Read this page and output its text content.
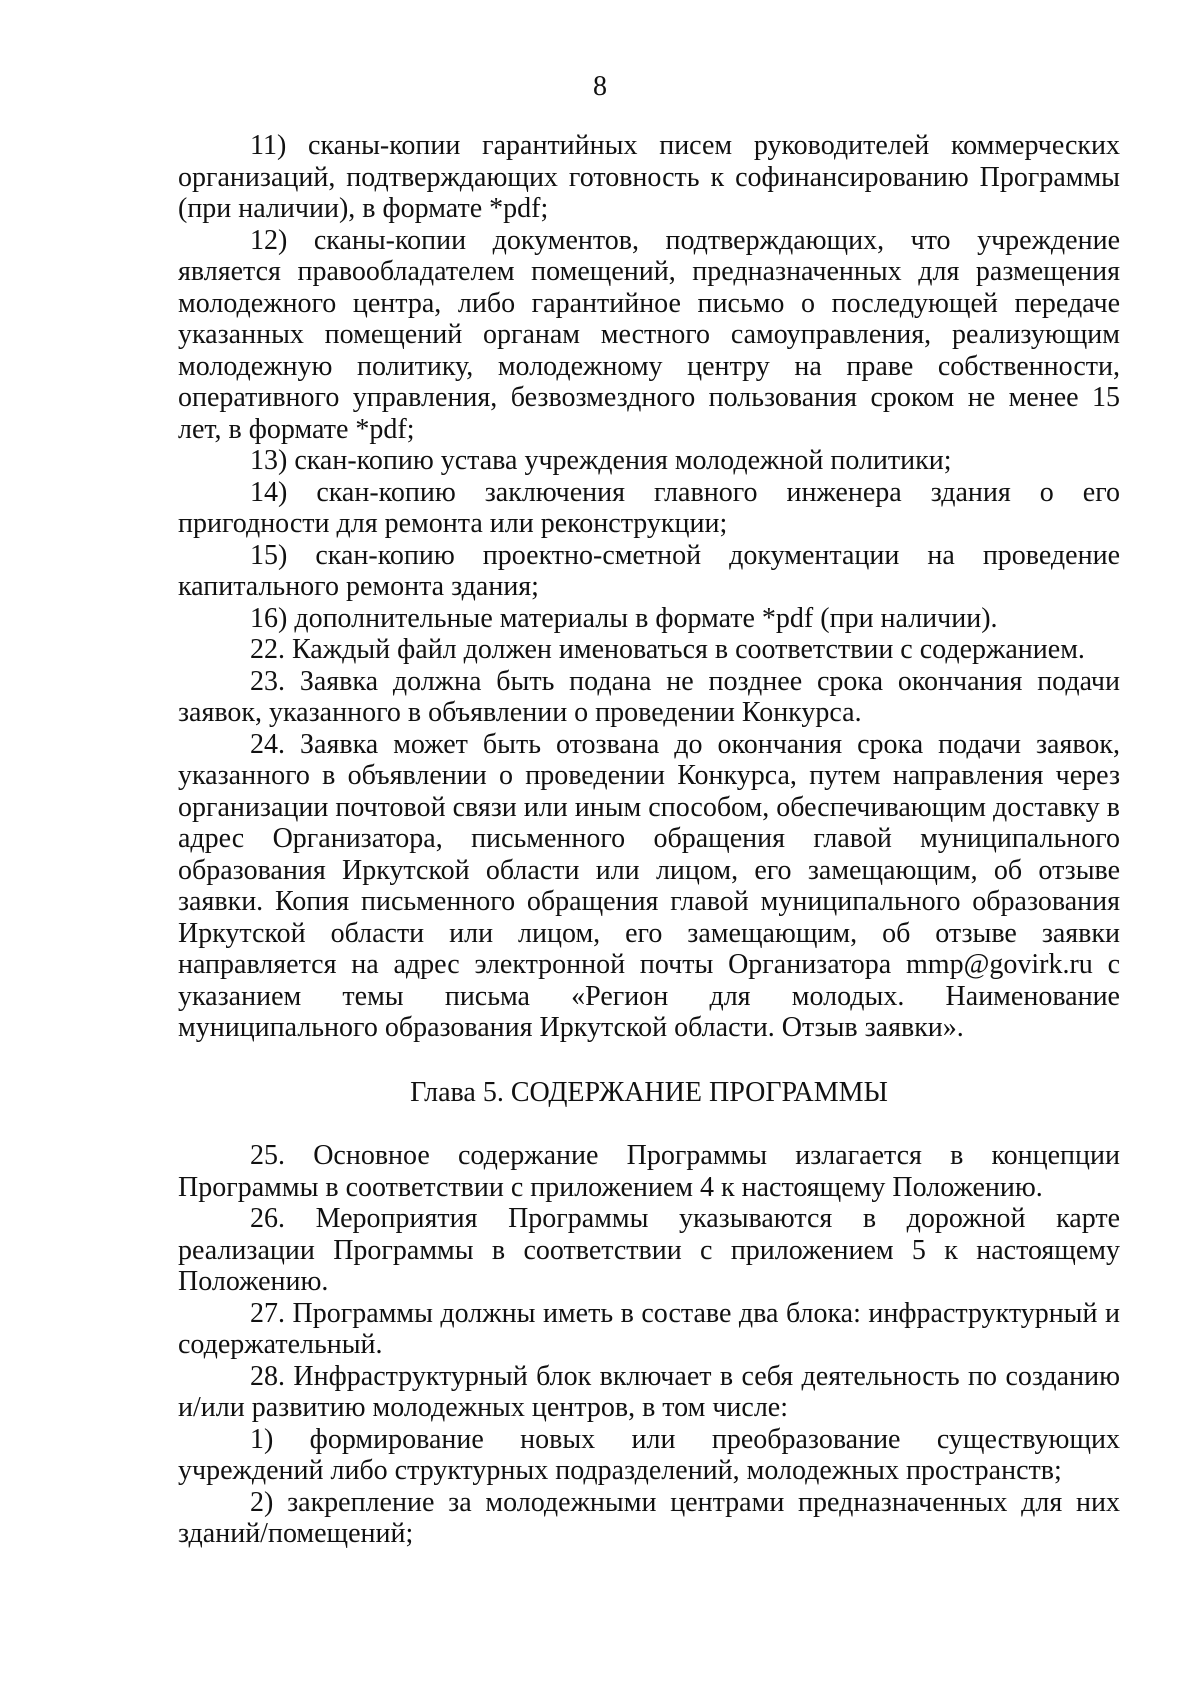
8

11) сканы-копии гарантийных писем руководителей коммерческих организаций, подтверждающих готовность к софинансированию Программы (при наличии), в формате *pdf;

12) сканы-копии документов, подтверждающих, что учреждение является правообладателем помещений, предназначенных для размещения молодежного центра, либо гарантийное письмо о последующей передаче указанных помещений органам местного самоуправления, реализующим молодежную политику, молодежному центру на праве собственности, оперативного управления, безвозмездного пользования сроком не менее 15 лет, в формате *pdf;

13) скан-копию устава учреждения молодежной политики;

14) скан-копию заключения главного инженера здания о его пригодности для ремонта или реконструкции;

15) скан-копию проектно-сметной документации на проведение капитального ремонта здания;

16) дополнительные материалы в формате *pdf (при наличии).

22. Каждый файл должен именоваться в соответствии с содержанием.

23. Заявка должна быть подана не позднее срока окончания подачи заявок, указанного в объявлении о проведении Конкурса.

24. Заявка может быть отозвана до окончания срока подачи заявок, указанного в объявлении о проведении Конкурса, путем направления через организации почтовой связи или иным способом, обеспечивающим доставку в адрес Организатора, письменного обращения главой муниципального образования Иркутской области или лицом, его замещающим, об отзыве заявки. Копия письменного обращения главой муниципального образования Иркутской области или лицом, его замещающим, об отзыве заявки направляется на адрес электронной почты Организатора mmp@govirk.ru с указанием темы письма «Регион для молодых. Наименование муниципального образования Иркутской области. Отзыв заявки».

Глава 5. СОДЕРЖАНИЕ ПРОГРАММЫ

25. Основное содержание Программы излагается в концепции Программы в соответствии с приложением 4 к настоящему Положению.

26. Мероприятия Программы указываются в дорожной карте реализации Программы в соответствии с приложением 5 к настоящему Положению.

27. Программы должны иметь в составе два блока: инфраструктурный и содержательный.

28. Инфраструктурный блок включает в себя деятельность по созданию и/или развитию молодежных центров, в том числе:

1) формирование новых или преобразование существующих учреждений либо структурных подразделений, молодежных пространств;

2) закрепление за молодежными центрами предназначенных для них зданий/помещений;
